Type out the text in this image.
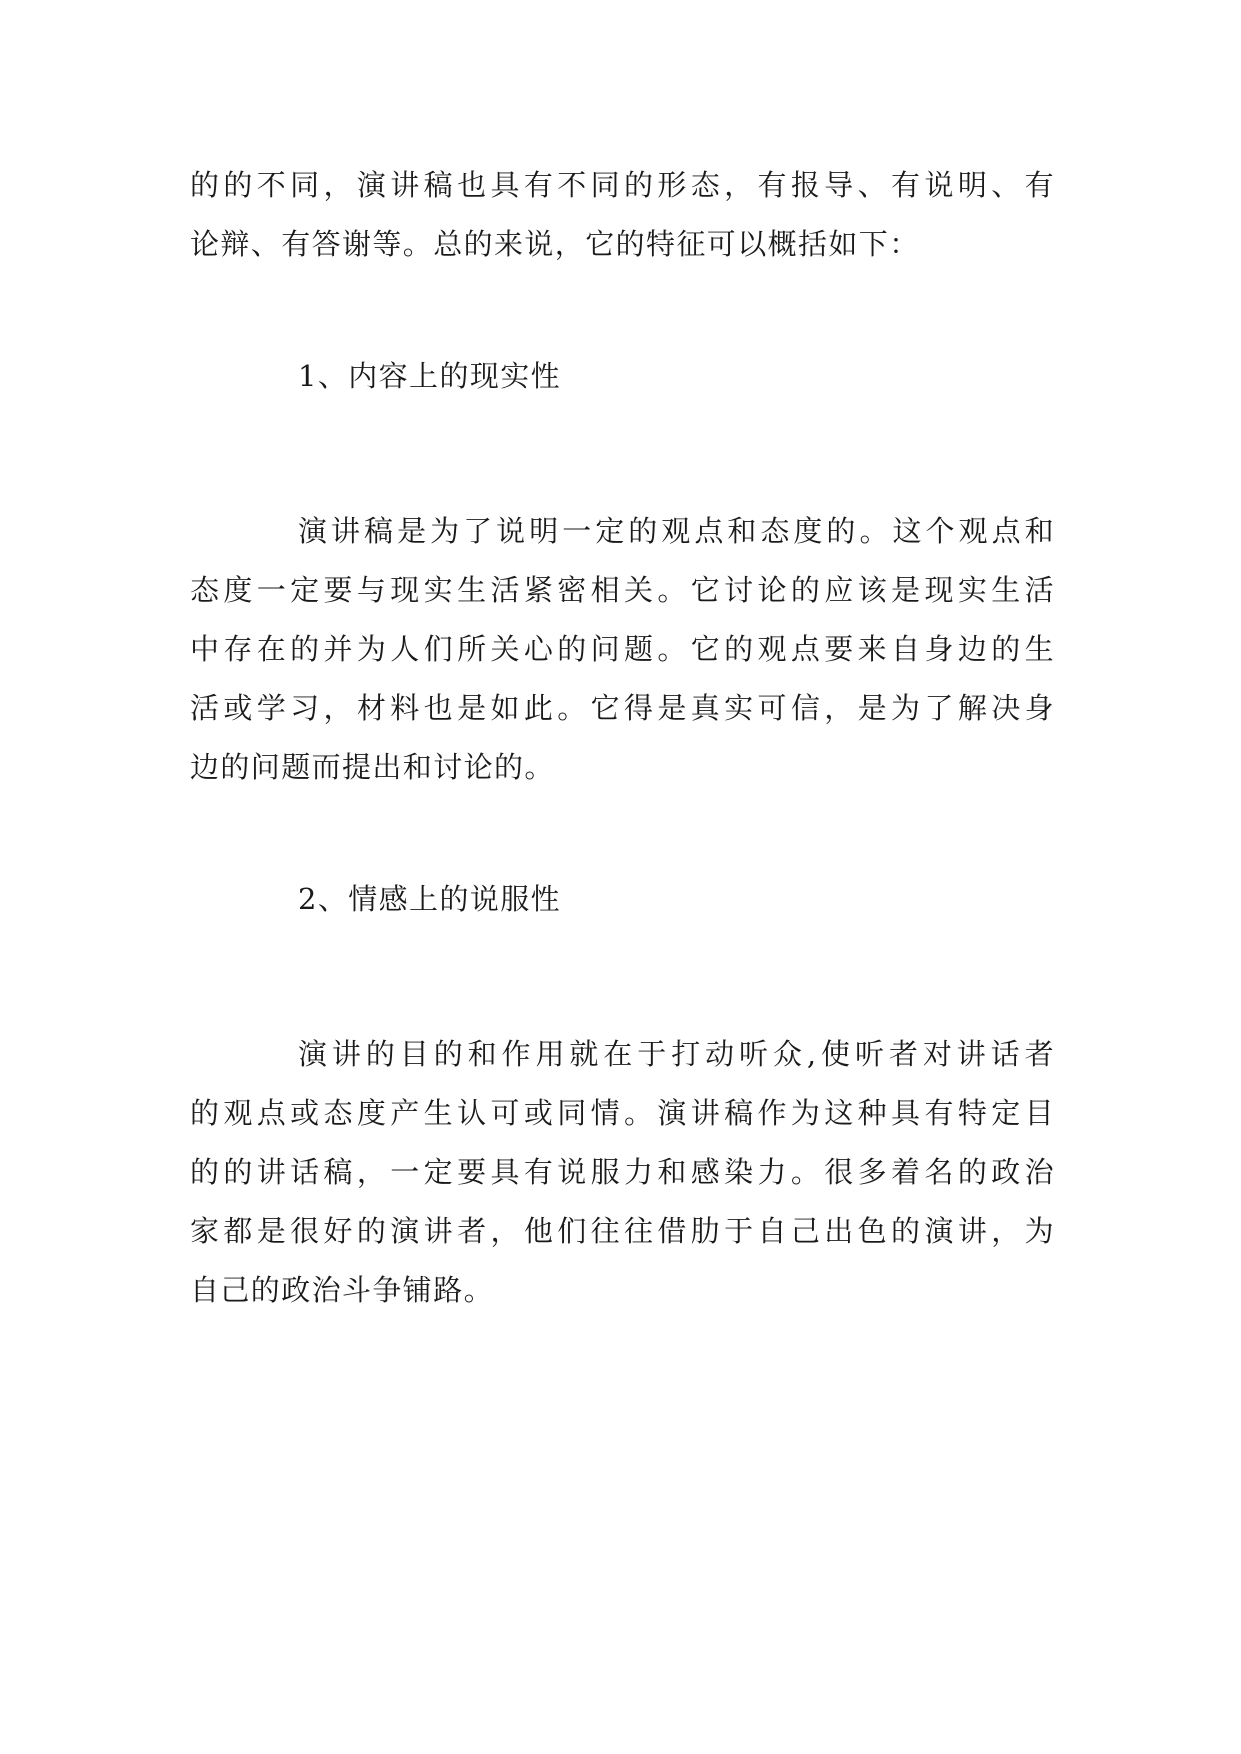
的的不同，演讲稿也具有不同的形态，有报导、有说明、有
论辩、有答谢等。总的来说，它的特征可以概括如下：
1、内容上的现实性
演讲稿是为了说明一定的观点和态度的。这个观点和
态度一定要与现实生活紧密相关。它讨论的应该是现实生活
中存在的并为人们所关心的问题。它的观点要来自身边的生
活或学习，材料也是如此。它得是真实可信，是为了解决身
边的问题而提出和讨论的。
2、情感上的说服性
演讲的目的和作用就在于打动听众,使听者对讲话者
的观点或态度产生认可或同情。演讲稿作为这种具有特定目
的的讲话稿，一定要具有说服力和感染力。很多着名的政治
家都是很好的演讲者，他们往往借肋于自己出色的演讲，为
自己的政治斗争铺路。
